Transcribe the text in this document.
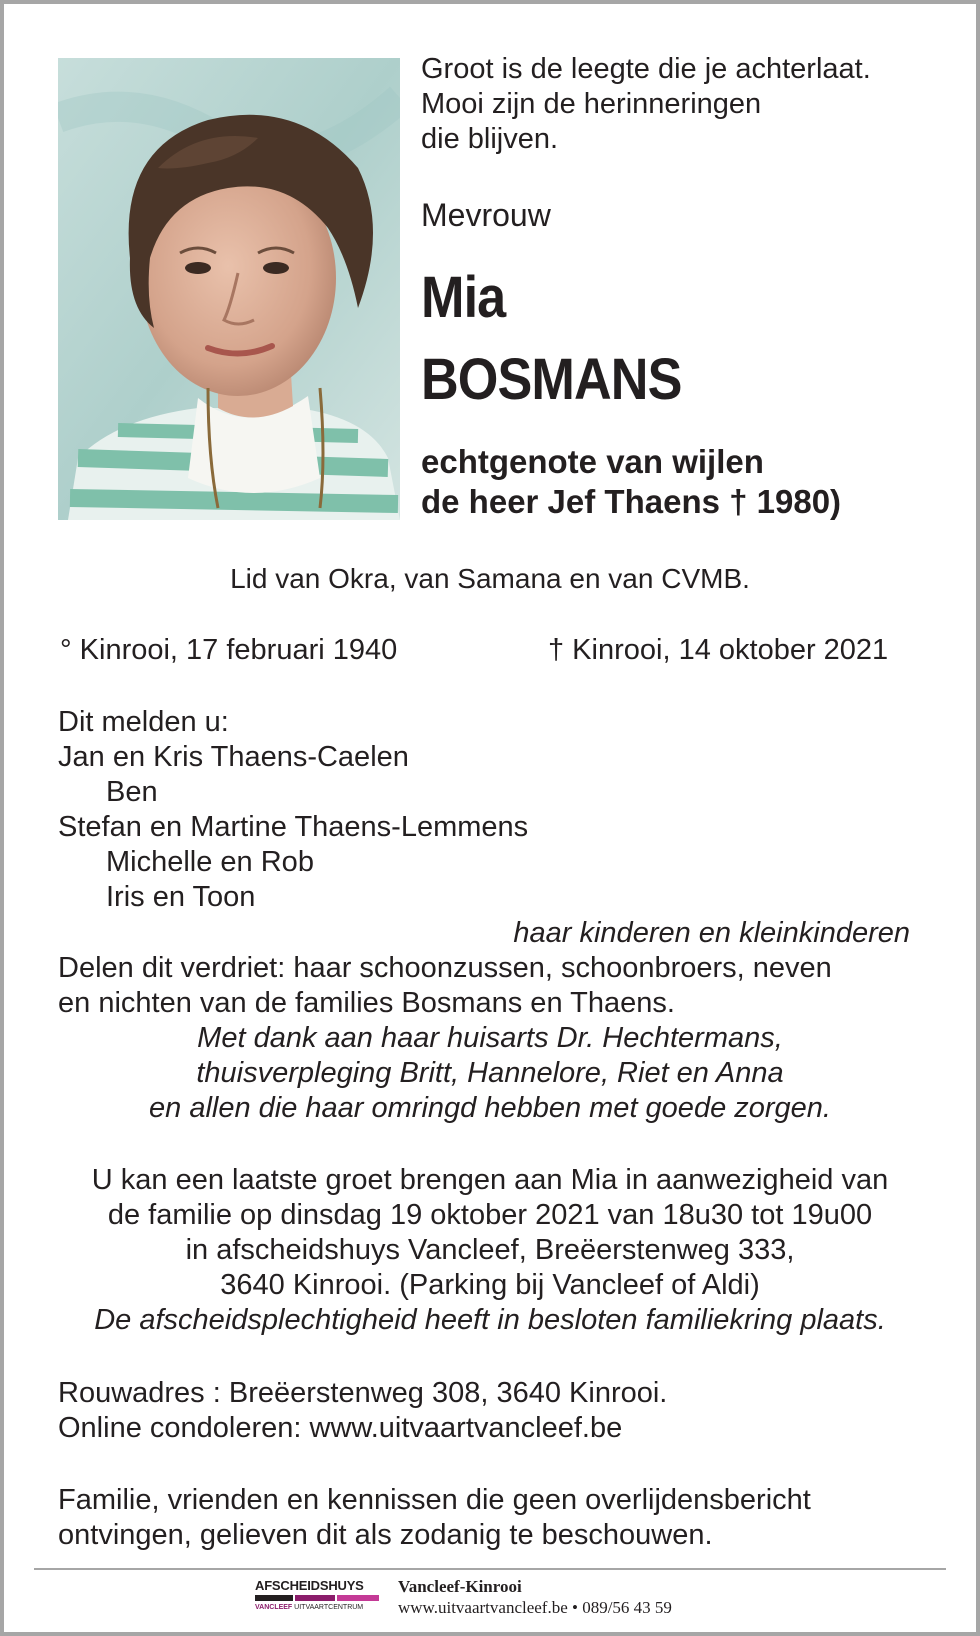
Groot is de leegte die je achterlaat.
Mooi zijn de herinneringen
die blijven.
Mevrouw
Mia
BOSMANS
echtgenote van wijlen
de heer Jef Thaens † 1980)
Lid van Okra, van Samana en van CVMB.
° Kinrooi, 17 februari 1940	† Kinrooi, 14 oktober 2021
Dit melden u:
Jan en Kris Thaens-Caelen
Ben
Stefan en Martine Thaens-Lemmens
Michelle en Rob
Iris en Toon
haar kinderen en kleinkinderen
Delen dit verdriet: haar schoonzussen, schoonbroers, neven
en nichten van de families Bosmans en Thaens.
Met dank aan haar huisarts Dr. Hechtermans,
thuisverpleging Britt, Hannelore, Riet en Anna
en allen die haar omringd hebben met goede zorgen.
U kan een laatste groet brengen aan Mia in aanwezigheid van
de familie op dinsdag 19 oktober 2021 van 18u30 tot 19u00
in afscheidshuys Vancleef, Breëerstenweg 333,
3640 Kinrooi. (Parking bij Vancleef of Aldi)
De afscheidsplechtigheid heeft in besloten familiekring plaats.
Rouwadres : Breëerstenweg 308, 3640 Kinrooi.
Online condoleren: www.uitvaartvancleef.be
Familie, vrienden en kennissen die geen overlijdensbericht
ontvingen, gelieven dit als zodanig te beschouwen.
AFSCHEIDSHUYS
VANCLEEF UITVAARTCENTRUM
Vancleef-Kinrooi
www.uitvaartvancleef.be • 089/56 43 59
